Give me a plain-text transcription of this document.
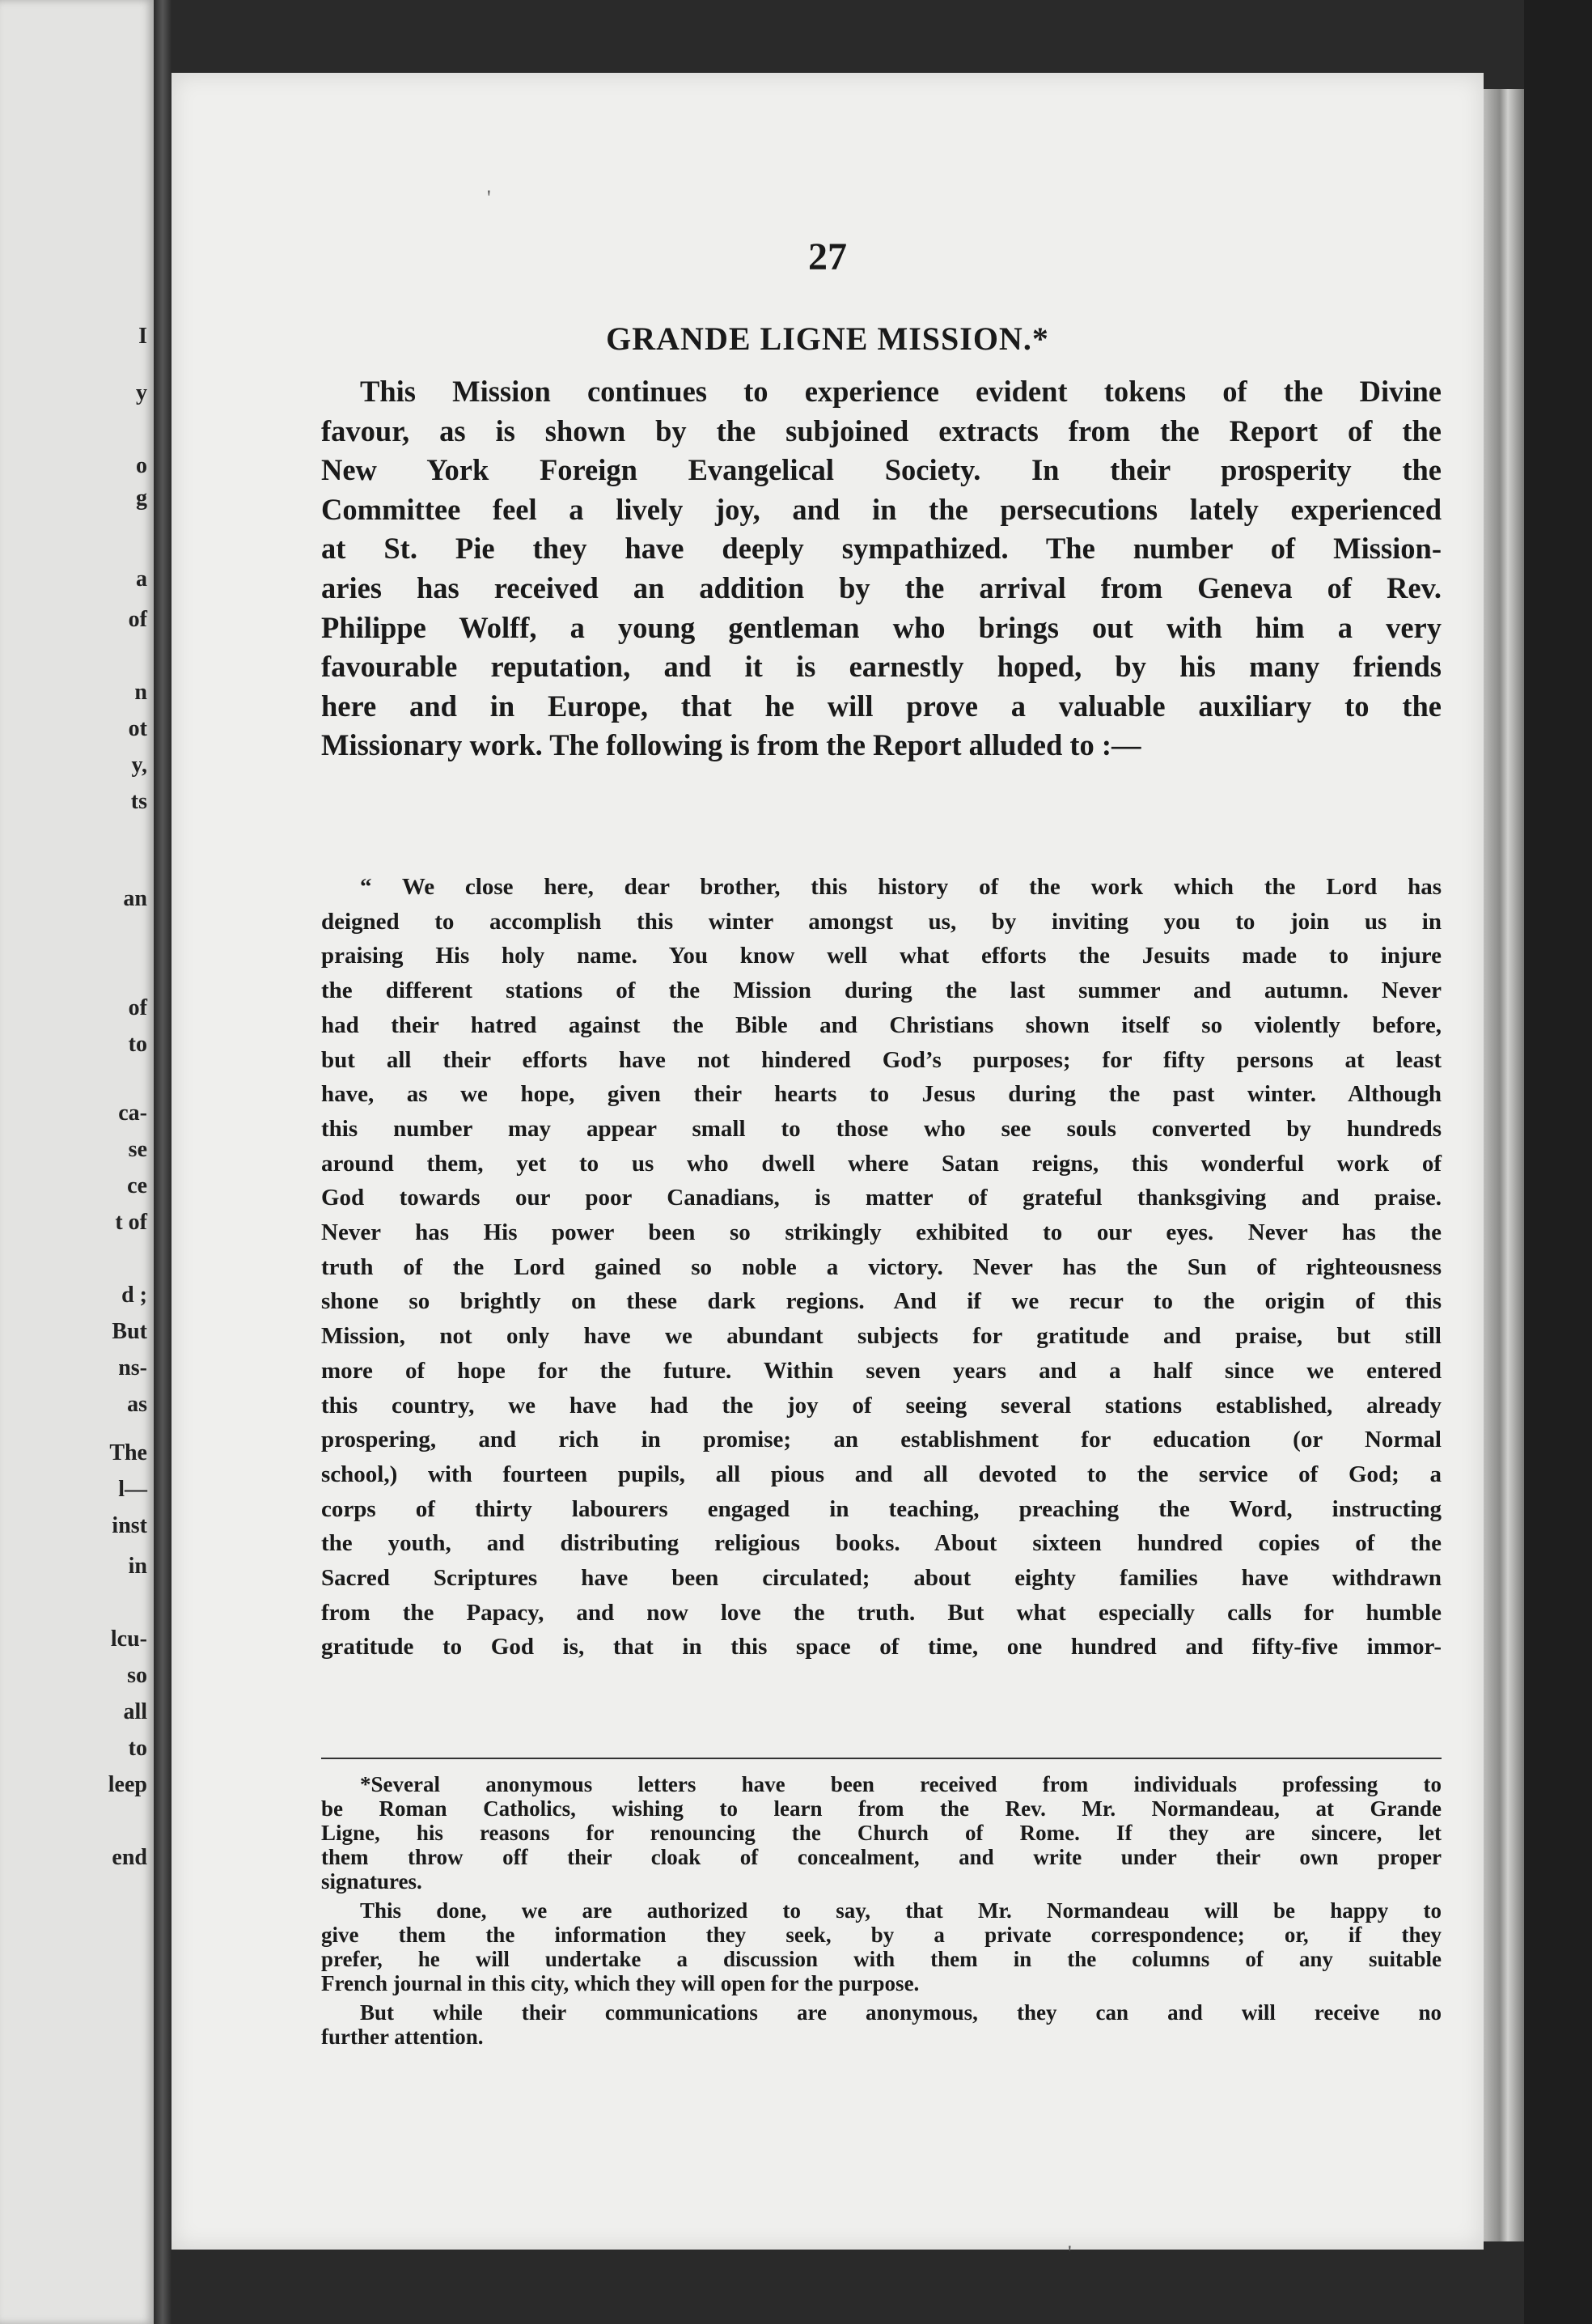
I
y
o
g
a
of
n
ot
y,
ts
an
of
to
ca-
se
ce
t of
d ;
But
ns-
as
The
l—
inst
in
lcu-
so
all
to
leep
end
27
GRANDE LIGNE MISSION.*
This Mission continues to experience evident tokens of the Divine
favour, as is shown by the subjoined extracts from the Report of the
New York Foreign Evangelical Society. In their prosperity the
Committee feel a lively joy, and in the persecutions lately experienced
at St. Pie they have deeply sympathized. The number of Mission-
aries has received an addition by the arrival from Geneva of Rev.
Philippe Wolff, a young gentleman who brings out with him a very
favourable reputation, and it is earnestly hoped, by his many friends
here and in Europe, that he will prove a valuable auxiliary to the
Missionary work. The following is from the Report alluded to :—
“ We close here, dear brother, this history of the work which the Lord has
deigned to accomplish this winter amongst us, by inviting you to join us in
praising His holy name. You know well what efforts the Jesuits made to injure
the different stations of the Mission during the last summer and autumn. Never
had their hatred against the Bible and Christians shown itself so violently before,
but all their efforts have not hindered God’s purposes; for fifty persons at least
have, as we hope, given their hearts to Jesus during the past winter. Although
this number may appear small to those who see souls converted by hundreds
around them, yet to us who dwell where Satan reigns, this wonderful work of
God towards our poor Canadians, is matter of grateful thanksgiving and praise.
Never has His power been so strikingly exhibited to our eyes. Never has the
truth of the Lord gained so noble a victory. Never has the Sun of righteousness
shone so brightly on these dark regions. And if we recur to the origin of this
Mission, not only have we abundant subjects for gratitude and praise, but still
more of hope for the future. Within seven years and a half since we entered
this country, we have had the joy of seeing several stations established, already
prospering, and rich in promise; an establishment for education (or Normal
school,) with fourteen pupils, all pious and all devoted to the service of God; a
corps of thirty labourers engaged in teaching, preaching the Word, instructing
the youth, and distributing religious books. About sixteen hundred copies of the
Sacred Scriptures have been circulated; about eighty families have withdrawn
from the Papacy, and now love the truth. But what especially calls for humble
gratitude to God is, that in this space of time, one hundred and fifty-five immor-
*Several anonymous letters have been received from individuals professing to
be Roman Catholics, wishing to learn from the Rev. Mr. Normandeau, at Grande
Ligne, his reasons for renouncing the Church of Rome. If they are sincere, let
them throw off their cloak of concealment, and write under their own proper
signatures.
This done, we are authorized to say, that Mr. Normandeau will be happy to
give them the information they seek, by a private correspondence; or, if they
prefer, he will undertake a discussion with them in the columns of any suitable
French journal in this city, which they will open for the purpose.
But while their communications are anonymous, they can and will receive no
further attention.
'
'
